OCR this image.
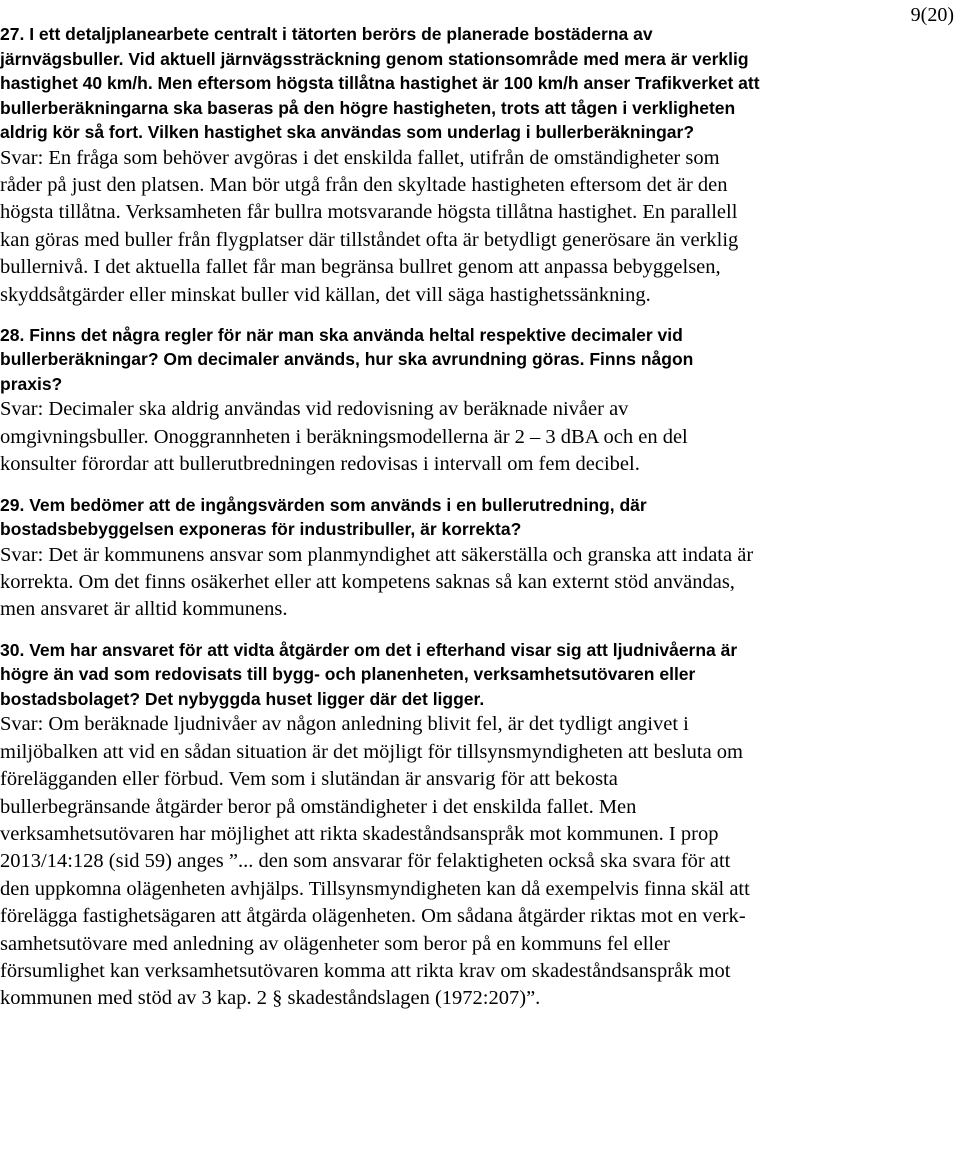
9(20)

27. I ett detaljplanearbete centralt i tätorten berörs de planerade bostäderna av järnvägsbuller. Vid aktuell järnvägssträckning genom stationsområde med mera är verklig hastighet 40 km/h. Men eftersom högsta tillåtna hastighet är 100 km/h anser Trafikverket att bullerberäkningarna ska baseras på den högre hastigheten, trots att tågen i verkligheten aldrig kör så fort. Vilken hastighet ska användas som underlag i bullerberäkningar?

Svar: En fråga som behöver avgöras i det enskilda fallet, utifrån de omständigheter som råder på just den platsen. Man bör utgå från den skyltade hastigheten eftersom det är den högsta tillåtna. Verksamheten får bullra motsvarande högsta tillåtna hastighet. En parallell kan göras med buller från flygplatser där tillståndet ofta är betydligt generösare än verklig bullernivå. I det aktuella fallet får man begränsa bullret genom att anpassa bebyggelsen, skyddsåtgärder eller minskat buller vid källan, det vill säga hastighetssänkning.

28. Finns det några regler för när man ska använda heltal respektive decimaler vid bullerberäkningar? Om decimaler används, hur ska avrundning göras. Finns någon praxis?

Svar: Decimaler ska aldrig användas vid redovisning av beräknade nivåer av omgivningsbuller. Onoggrannheten i beräkningsmodellerna är 2 – 3 dBA och en del konsulter förordar att bullerutbredningen redovisas i intervall om fem decibel.

29. Vem bedömer att de ingångsvärden som används i en bullerutredning, där bostadsbebyggelsen exponeras för industribuller, är korrekta?

Svar: Det är kommunens ansvar som planmyndighet att säkerställa och granska att indata är korrekta. Om det finns osäkerhet eller att kompetens saknas så kan externt stöd användas, men ansvaret är alltid kommunens.

30. Vem har ansvaret för att vidta åtgärder om det i efterhand visar sig att ljudnivåerna är högre än vad som redovisats till bygg- och planenheten, verksamhetsutövaren eller bostadsbolaget? Det nybyggda huset ligger där det ligger.

Svar: Om beräknade ljudnivåer av någon anledning blivit fel, är det tydligt angivet i miljöbalken att vid en sådan situation är det möjligt för tillsynsmyndigheten att besluta om förelägganden eller förbud. Vem som i slutändan är ansvarig för att bekosta bullerbegränsande åtgärder beror på omständigheter i det enskilda fallet. Men verksamhetsutövaren har möjlighet att rikta skadeståndsanspråk mot kommunen. I prop 2013/14:128 (sid 59) anges ”... den som ansvarar för felaktigheten också ska svara för att den uppkomna olägenheten avhjälps. Tillsynsmyndigheten kan då exempelvis finna skäl att förelägga fastighetsägaren att åtgärda olägenheten. Om sådana åtgärder riktas mot en verksamhetsutövare med anledning av olägenheter som beror på en kommuns fel eller försumlighet kan verksamhetsutövaren komma att rikta krav om skadeståndsanspråk mot kommunen med stöd av 3 kap. 2 § skadeståndslagen (1972:207)”.
